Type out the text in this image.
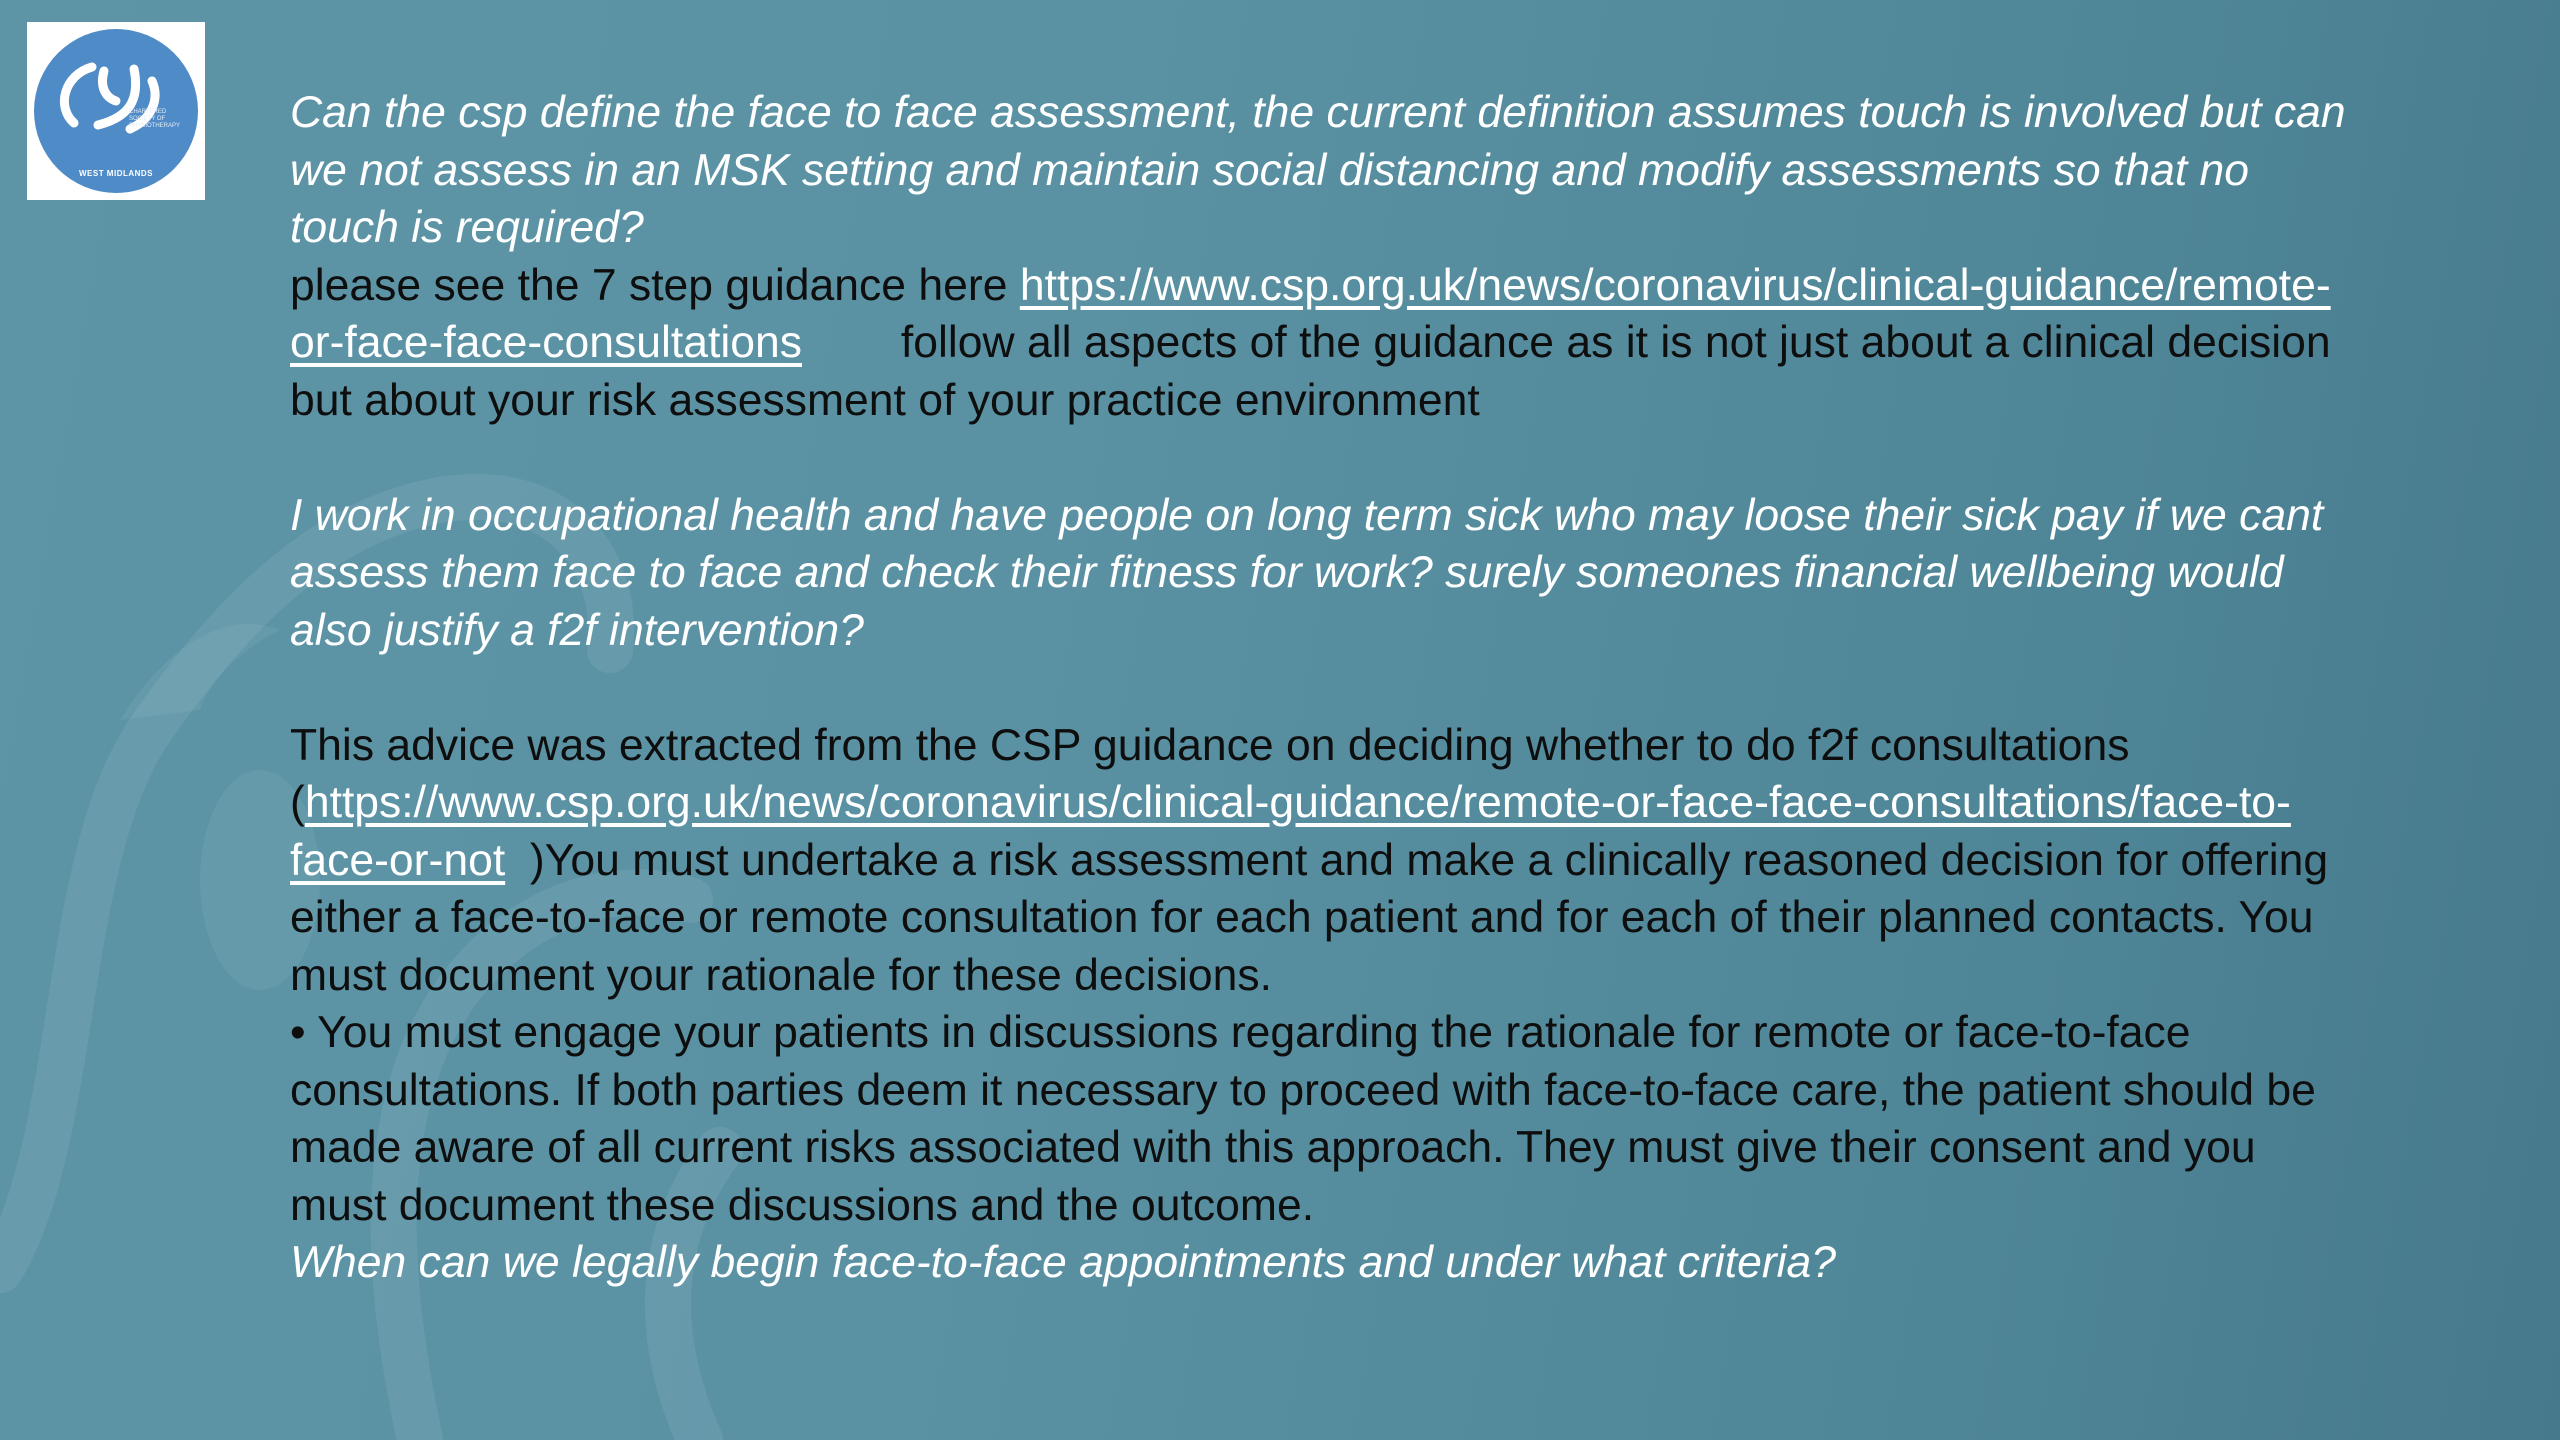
CHARTERED SOCIETY OF PHYSIOTHERAPY
WEST MIDLANDS

Can the csp define the face to face assessment, the current definition assumes touch is involved but can we not assess in an MSK setting and maintain social distancing and modify assessments so that no touch is required?

please see the 7 step guidance here https://www.csp.org.uk/news/coronavirus/clinical-guidance/remote-or-face-face-consultations        follow all aspects of the guidance as it is not just about a clinical decision but about your risk assessment of your practice environment

I work in occupational health and have people on long term sick who may loose their sick pay if we cant assess them face to face and check their fitness for work? surely someones financial wellbeing would also justify a f2f intervention?

This advice was extracted from the CSP guidance on deciding whether to do f2f consultations (https://www.csp.org.uk/news/coronavirus/clinical-guidance/remote-or-face-face-consultations/face-to-face-or-not  )You must undertake a risk assessment and make a clinically reasoned decision for offering either a face-to-face or remote consultation for each patient and for each of their planned contacts. You must document your rationale for these decisions.

• You must engage your patients in discussions regarding the rationale for remote or face-to-face consultations. If both parties deem it necessary to proceed with face-to-face care, the patient should be made aware of all current risks associated with this approach. They must give their consent and you must document these discussions and the outcome.

When can we legally begin face-to-face appointments and under what criteria?
